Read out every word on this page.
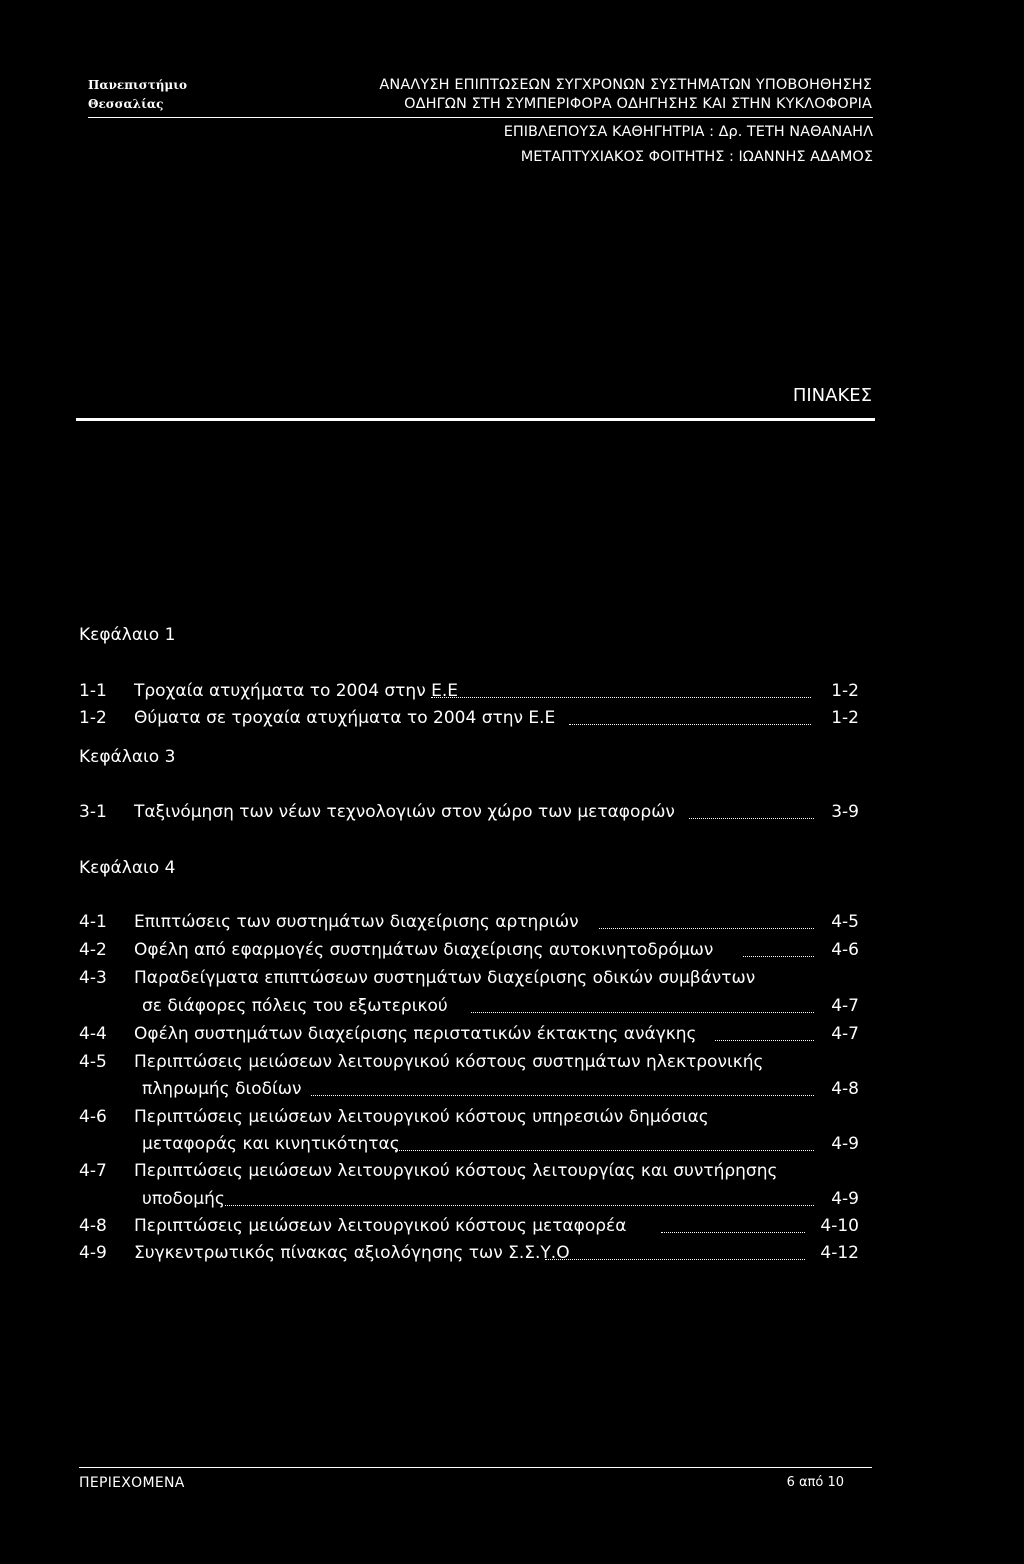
Πανεπιστήμιο
Θεσσαλίας
ΑΝΑΛΥΣΗ ΕΠΙΠΤΩΣΕΩΝ ΣΥΓΧΡΟΝΩΝ ΣΥΣΤΗΜΑΤΩΝ ΥΠΟΒΟΗΘΗΣΗΣ
ΟΔΗΓΩΝ ΣΤΗ ΣΥΜΠΕΡΙΦΟΡΑ ΟΔΗΓΗΣΗΣ ΚΑΙ ΣΤΗΝ ΚΥΚΛΟΦΟΡΙΑ
ΕΠΙΒΛΕΠΟΥΣΑ ΚΑΘΗΓΗΤΡΙΑ : Δρ. ΤΕΤΗ ΝΑΘΑΝΑΗΛ
ΜΕΤΑΠΤΥΧΙΑΚΟΣ ΦΟΙΤΗΤΗΣ : ΙΩΑΝΝΗΣ ΑΔΑΜΟΣ
ΠΙΝΑΚΕΣ
Κεφάλαιο 1
1-1 Τροχαία ατυχήματα το 2004 στην Ε.Ε	1-2
1-2 Θύματα σε τροχαία ατυχήματα το 2004 στην Ε.Ε	1-2
Κεφάλαιο 3
3-1 Ταξινόμηση των νέων τεχνολογιών στον χώρο των μεταφορών	3-9
Κεφάλαιο 4
4-1 Επιπτώσεις των συστημάτων διαχείρισης αρτηριών	4-5
4-2 Οφέλη από εφαρμογές συστημάτων διαχείρισης αυτοκινητοδρόμων	4-6
4-3 Παραδείγματα επιπτώσεων συστημάτων διαχείρισης οδικών συμβάντων
σε διάφορες πόλεις του εξωτερικού	4-7
4-4 Οφέλη συστημάτων διαχείρισης περιστατικών έκτακτης ανάγκης	4-7
4-5 Περιπτώσεις μειώσεων λειτουργικού κόστους συστημάτων ηλεκτρονικής
πληρωμής διοδίων	4-8
4-6 Περιπτώσεις μειώσεων λειτουργικού κόστους υπηρεσιών δημόσιας
μεταφοράς και κινητικότητας	4-9
4-7 Περιπτώσεις μειώσεων λειτουργικού κόστους λειτουργίας και συντήρησης
υποδομής	4-9
4-8 Περιπτώσεις μειώσεων λειτουργικού κόστους μεταφορέα	4-10
4-9 Συγκεντρωτικός πίνακας αξιολόγησης των Σ.Σ.Υ.Ο	4-12
ΠΕΡΙΕΧΟΜΕΝΑ	6 από 10
